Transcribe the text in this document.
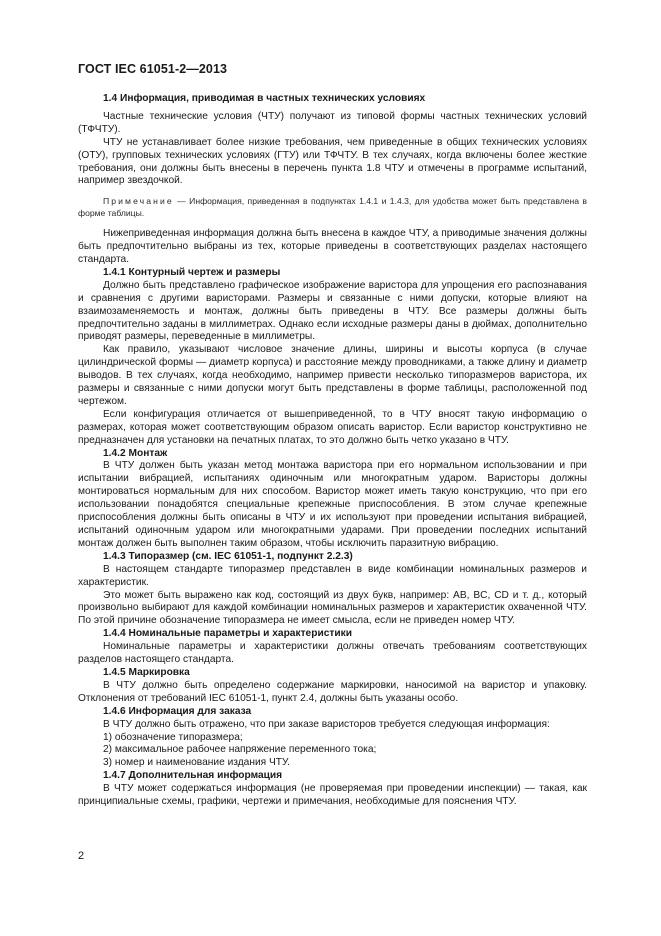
ГОСТ IEC 61051-2—2013

1.4 Информация, приводимая в частных технических условиях

Частные технические условия (ЧТУ) получают из типовой формы частных технических условий (ТФЧТУ).

ЧТУ не устанавливает более низкие требования, чем приведенные в общих технических условиях (ОТУ), групповых технических условиях (ГТУ) или ТФЧТУ. В тех случаях, когда включены более жесткие требования, они должны быть внесены в перечень пункта 1.8 ЧТУ и отмечены в программе испытаний, например звездочкой.

Примечание — Информация, приведенная в подпунктах 1.4.1 и 1.4.3, для удобства может быть представлена в форме таблицы.

Нижеприведенная информация должна быть внесена в каждое ЧТУ, а приводимые значения должны быть предпочтительно выбраны из тех, которые приведены в соответствующих разделах настоящего стандарта.

1.4.1 Контурный чертеж и размеры

Должно быть представлено графическое изображение варистора для упрощения его распознавания и сравнения с другими варисторами. Размеры и связанные с ними допуски, которые влияют на взаимозаменяемость и монтаж, должны быть приведены в ЧТУ. Все размеры должны быть предпочтительно заданы в миллиметрах. Однако если исходные размеры даны в дюймах, дополнительно приводят размеры, переведенные в миллиметры.

Как правило, указывают числовое значение длины, ширины и высоты корпуса (в случае цилиндрической формы — диаметр корпуса) и расстояние между проводниками, а также длину и диаметр выводов. В тех случаях, когда необходимо, например привести несколько типоразмеров варистора, их размеры и связанные с ними допуски могут быть представлены в форме таблицы, расположенной под чертежом.

Если конфигурация отличается от вышеприведенной, то в ЧТУ вносят такую информацию о размерах, которая может соответствующим образом описать варистор. Если варистор конструктивно не предназначен для установки на печатных платах, то это должно быть четко указано в ЧТУ.

1.4.2 Монтаж

В ЧТУ должен быть указан метод монтажа варистора при его нормальном использовании и при испытании вибрацией, испытаниях одиночным или многократным ударом. Варисторы должны монтироваться нормальным для них способом. Варистор может иметь такую конструкцию, что при его использовании понадобятся специальные крепежные приспособления. В этом случае крепежные приспособления должны быть описаны в ЧТУ и их используют при проведении испытания вибрацией, испытаний одиночным ударом или многократными ударами. При проведении последних испытаний монтаж должен быть выполнен таким образом, чтобы исключить паразитную вибрацию.

1.4.3 Типоразмер (см. IEC 61051-1, подпункт 2.2.3)

В настоящем стандарте типоразмер представлен в виде комбинации номинальных размеров и характеристик.

Это может быть выражено как код, состоящий из двух букв, например: AB, BC, CD и т. д., который произвольно выбирают для каждой комбинации номинальных размеров и характеристик охваченной ЧТУ. По этой причине обозначение типоразмера не имеет смысла, если не приведен номер ЧТУ.

1.4.4 Номинальные параметры и характеристики

Номинальные параметры и характеристики должны отвечать требованиям соответствующих разделов настоящего стандарта.

1.4.5 Маркировка

В ЧТУ должно быть определено содержание маркировки, наносимой на варистор и упаковку. Отклонения от требований IEC 61051-1, пункт 2.4, должны быть указаны особо.

1.4.6 Информация для заказа

В ЧТУ должно быть отражено, что при заказе варисторов требуется следующая информация:

1) обозначение типоразмера;

2) максимальное рабочее напряжение переменного тока;

3) номер и наименование издания ЧТУ.

1.4.7 Дополнительная информация

В ЧТУ может содержаться информация (не проверяемая при проведении инспекции) — такая, как принципиальные схемы, графики, чертежи и примечания, необходимые для пояснения ЧТУ.

2
